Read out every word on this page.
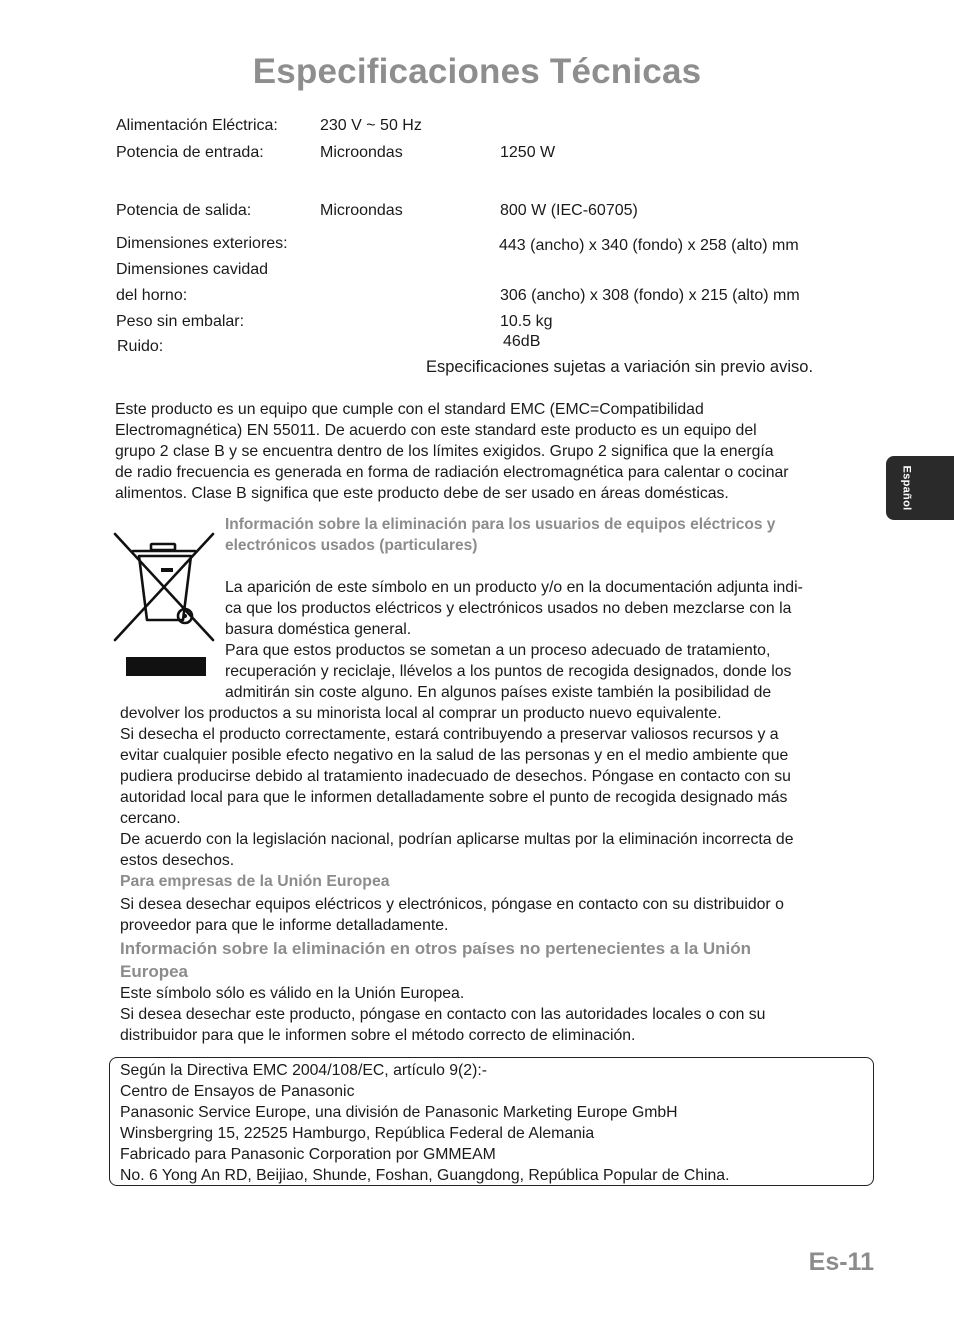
Especificaciones Técnicas
Alimentación Eléctrica:	230 V ~ 50 Hz
Potencia de entrada:	Microondas	1250 W
Potencia de salida:	Microondas	800 W (IEC-60705)
Dimensiones exteriores:	443 (ancho) x 340 (fondo) x 258 (alto) mm
Dimensiones cavidad
del horno:	306 (ancho) x 308 (fondo) x 215 (alto) mm
Peso sin embalar:	10.5 kg
Ruido:	46dB
Especificaciones sujetas a variación sin previo aviso.
Este producto es un equipo que cumple con el standard EMC (EMC=Compatibilidad
Electromagnética) EN 55011. De acuerdo con este standard este producto es un equipo del
grupo 2 clase B y se encuentra dentro de los límites exigidos. Grupo 2 significa que la energía
de radio frecuencia es generada en forma de radiación electromagnética para calentar o cocinar
alimentos. Clase B significa que este producto debe de ser usado en áreas domésticas.	Español
Información sobre la eliminación para los usuarios de equipos eléctricos y
electrónicos usados (particulares)
La aparición de este símbolo en un producto y/o en la documentación adjunta indi-
ca que los productos eléctricos y electrónicos usados no deben mezclarse con la
basura doméstica general.
Para que estos productos se sometan a un proceso adecuado de tratamiento,
recuperación y reciclaje, llévelos a los puntos de recogida designados, donde los
admitirán sin coste alguno. En algunos países existe también la posibilidad de
devolver los productos a su minorista local al comprar un producto nuevo equivalente.
Si desecha el producto correctamente, estará contribuyendo a preservar valiosos recursos y a
evitar cualquier posible efecto negativo en la salud de las personas y en el medio ambiente que
pudiera producirse debido al tratamiento inadecuado de desechos. Póngase en contacto con su
autoridad local para que le informen detalladamente sobre el punto de recogida designado más
cercano.
De acuerdo con la legislación nacional, podrían aplicarse multas por la eliminación incorrecta de
estos desechos.
Para empresas de la Unión Europea
Si desea desechar equipos eléctricos y electrónicos, póngase en contacto con su distribuidor o
proveedor para que le informe detalladamente.
Información sobre la eliminación en otros países no pertenecientes a la Unión
Europea
Este símbolo sólo es válido en la Unión Europea.
Si desea desechar este producto, póngase en contacto con las autoridades locales o con su
distribuidor para que le informen sobre el método correcto de eliminación.
Según la Directiva EMC 2004/108/EC, artículo 9(2):-
Centro de Ensayos de Panasonic
Panasonic Service Europe, una división de Panasonic Marketing Europe GmbH
Winsbergring 15, 22525 Hamburgo, República Federal de Alemania
Fabricado para Panasonic Corporation por GMMEAM
No. 6 Yong An RD, Beijiao, Shunde, Foshan, Guangdong, República Popular de China.
Es-11
